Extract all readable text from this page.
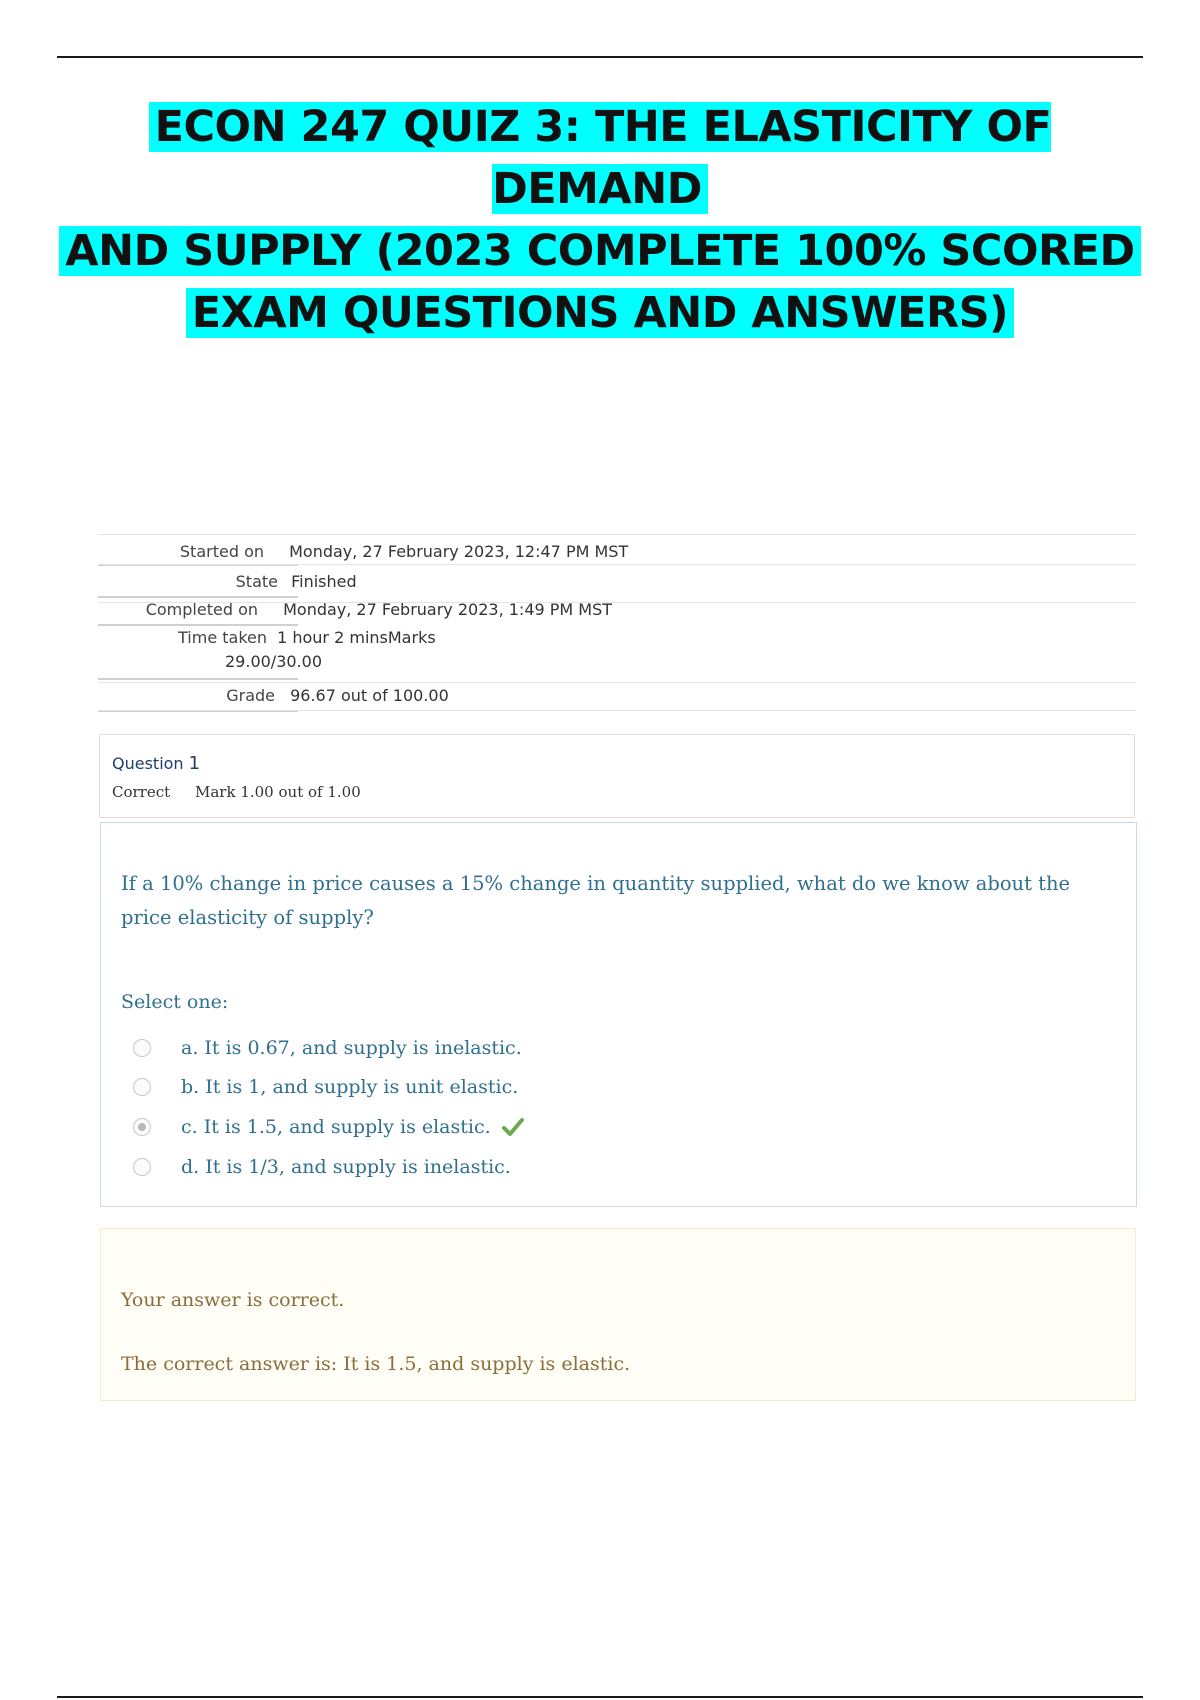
ECON 247 QUIZ 3: THE ELASTICITY OF DEMAND
AND SUPPLY (2023 COMPLETE 100% SCORED
EXAM QUESTIONS AND ANSWERS)
Started on Monday, 27 February 2023, 12:47 PM MST
State Finished
Completed on Monday, 27 February 2023, 1:49 PM MST
Time taken 1 hour 2 minsMarks
29.00/30.00
Grade 96.67 out of 100.00
Question 1
Correct Mark 1.00 out of 1.00
If a 10% change in price causes a 15% change in quantity supplied, what do we know about the price elasticity of supply?
Select one:
a. It is 0.67, and supply is inelastic.
b. It is 1, and supply is unit elastic.
c. It is 1.5, and supply is elastic.
d. It is 1/3, and supply is inelastic.
Your answer is correct.
The correct answer is: It is 1.5, and supply is elastic.
